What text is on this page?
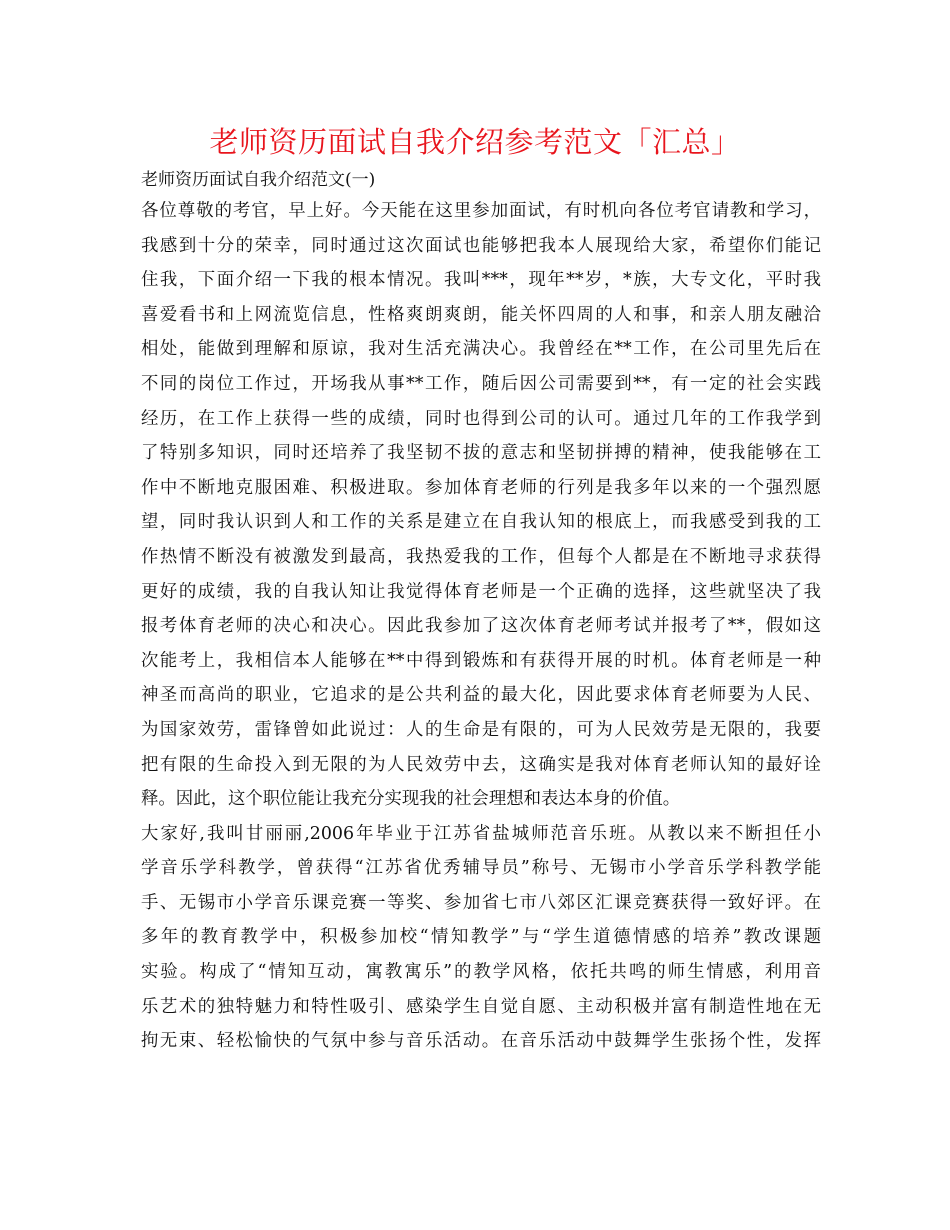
老师资历面试自我介绍参考范文「汇总」
老师资历面试自我介绍范文(一)
各位尊敬的考官，早上好。今天能在这里参加面试，有时机向各位考官请教和学习，
我感到十分的荣幸，同时通过这次面试也能够把我本人展现给大家，希望你们能记
住我，下面介绍一下我的根本情况。我叫***，现年**岁，*族，大专文化，平时我
喜爱看书和上网流览信息，性格爽朗爽朗，能关怀四周的人和事，和亲人朋友融洽
相处，能做到理解和原谅，我对生活充满决心。我曾经在**工作，在公司里先后在
不同的岗位工作过，开场我从事**工作，随后因公司需要到**，有一定的社会实践
经历，在工作上获得一些的成绩，同时也得到公司的认可。通过几年的工作我学到
了特别多知识，同时还培养了我坚韧不拔的意志和坚韧拼搏的精神，使我能够在工
作中不断地克服困难、积极进取。参加体育老师的行列是我多年以来的一个强烈愿
望，同时我认识到人和工作的关系是建立在自我认知的根底上，而我感受到我的工
作热情不断没有被激发到最高，我热爱我的工作，但每个人都是在不断地寻求获得
更好的成绩，我的自我认知让我觉得体育老师是一个正确的选择，这些就坚决了我
报考体育老师的决心和决心。因此我参加了这次体育老师考试并报考了**，假如这
次能考上，我相信本人能够在**中得到锻炼和有获得开展的时机。体育老师是一种
神圣而高尚的职业，它追求的是公共利益的最大化，因此要求体育老师要为人民、
为国家效劳，雷锋曾如此说过：人的生命是有限的，可为人民效劳是无限的，我要
把有限的生命投入到无限的为人民效劳中去，这确实是我对体育老师认知的最好诠
释。因此，这个职位能让我充分实现我的社会理想和表达本身的价值。
大家好,我叫甘丽丽,2006年毕业于江苏省盐城师范音乐班。从教以来不断担任小
学音乐学科教学，曾获得“江苏省优秀辅导员”称号、无锡市小学音乐学科教学能
手、无锡市小学音乐课竞赛一等奖、参加省七市八郊区汇课竞赛获得一致好评。在
多年的教育教学中，积极参加校“情知教学”与“学生道德情感的培养”教改课题
实验。构成了“情知互动，寓教寓乐”的教学风格，依托共鸣的师生情感，利用音
乐艺术的独特魅力和特性吸引、感染学生自觉自愿、主动积极并富有制造性地在无
拘无束、轻松愉快的气氛中参与音乐活动。在音乐活动中鼓舞学生张扬个性，发挥
